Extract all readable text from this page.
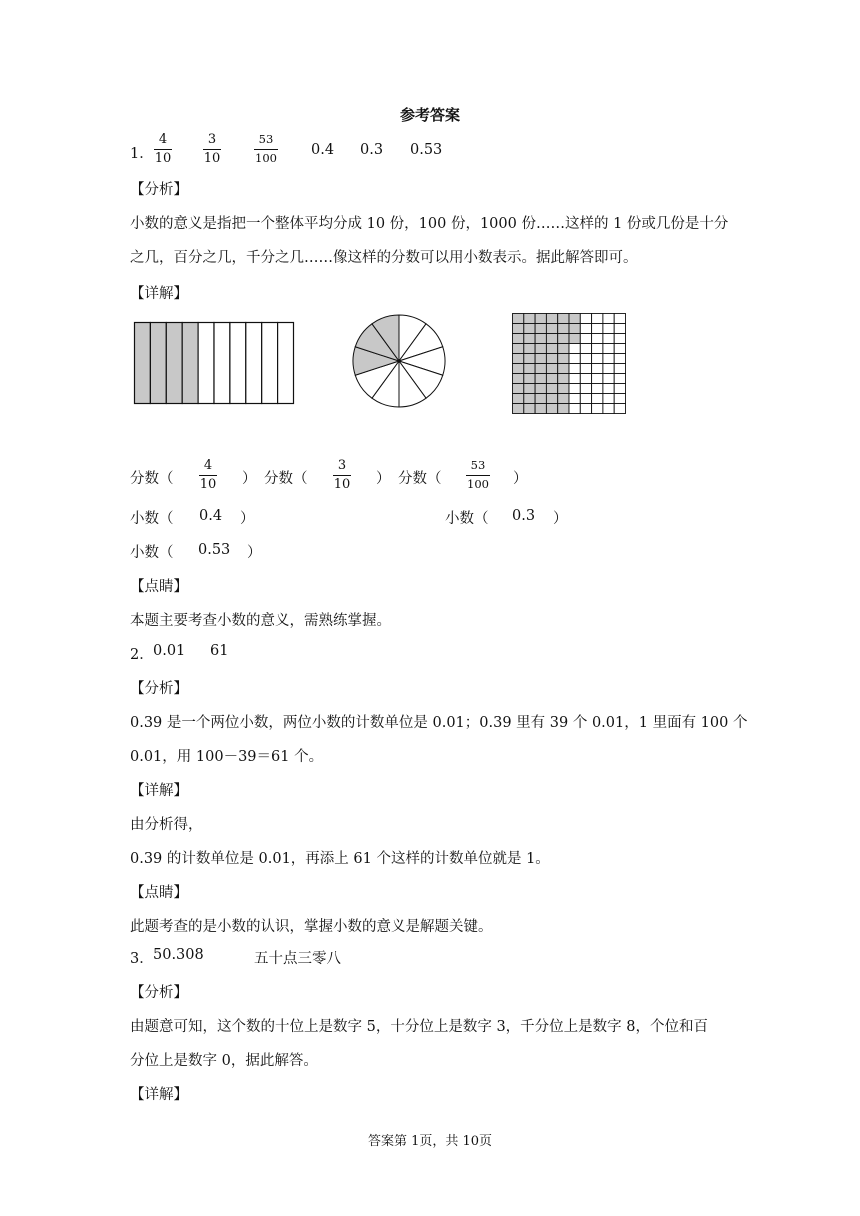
参考答案
1．
4
10
3
10
53
100 0.4 0.3 0.53
【分析】
小数的意义是指把一个整体平均分成 10 份，100 份，1000 份……这样的 1 份或几份是十分
之几，百分之几，千分之几……像这样的分数可以用小数表示。据此解答即可。
【详解】
分数（
4
10 ） 分数（
3
10 ） 分数（
53
100 ）
小数（ 0.4 ）	小数（ 0.3 ）
小数（ 0.53 ）
【点睛】
本题主要考查小数的意义，需熟练掌握。
2． 0.01 61
【分析】
0.39 是一个两位小数，两位小数的计数单位是 0.01；0.39 里有 39 个 0.01，1 里面有 100 个
0.01，用 100－39＝61 个。
【详解】
由分析得，
0.39 的计数单位是 0.01，再添上 61 个这样的计数单位就是 1。
【点睛】
此题考查的是小数的认识，掌握小数的意义是解题关键。
3． 50.308	五十点三零八
【分析】
由题意可知，这个数的十位上是数字 5，十分位上是数字 3，千分位上是数字 8，个位和百
分位上是数字 0，据此解答。
【详解】
答案第 1页，共 10页
